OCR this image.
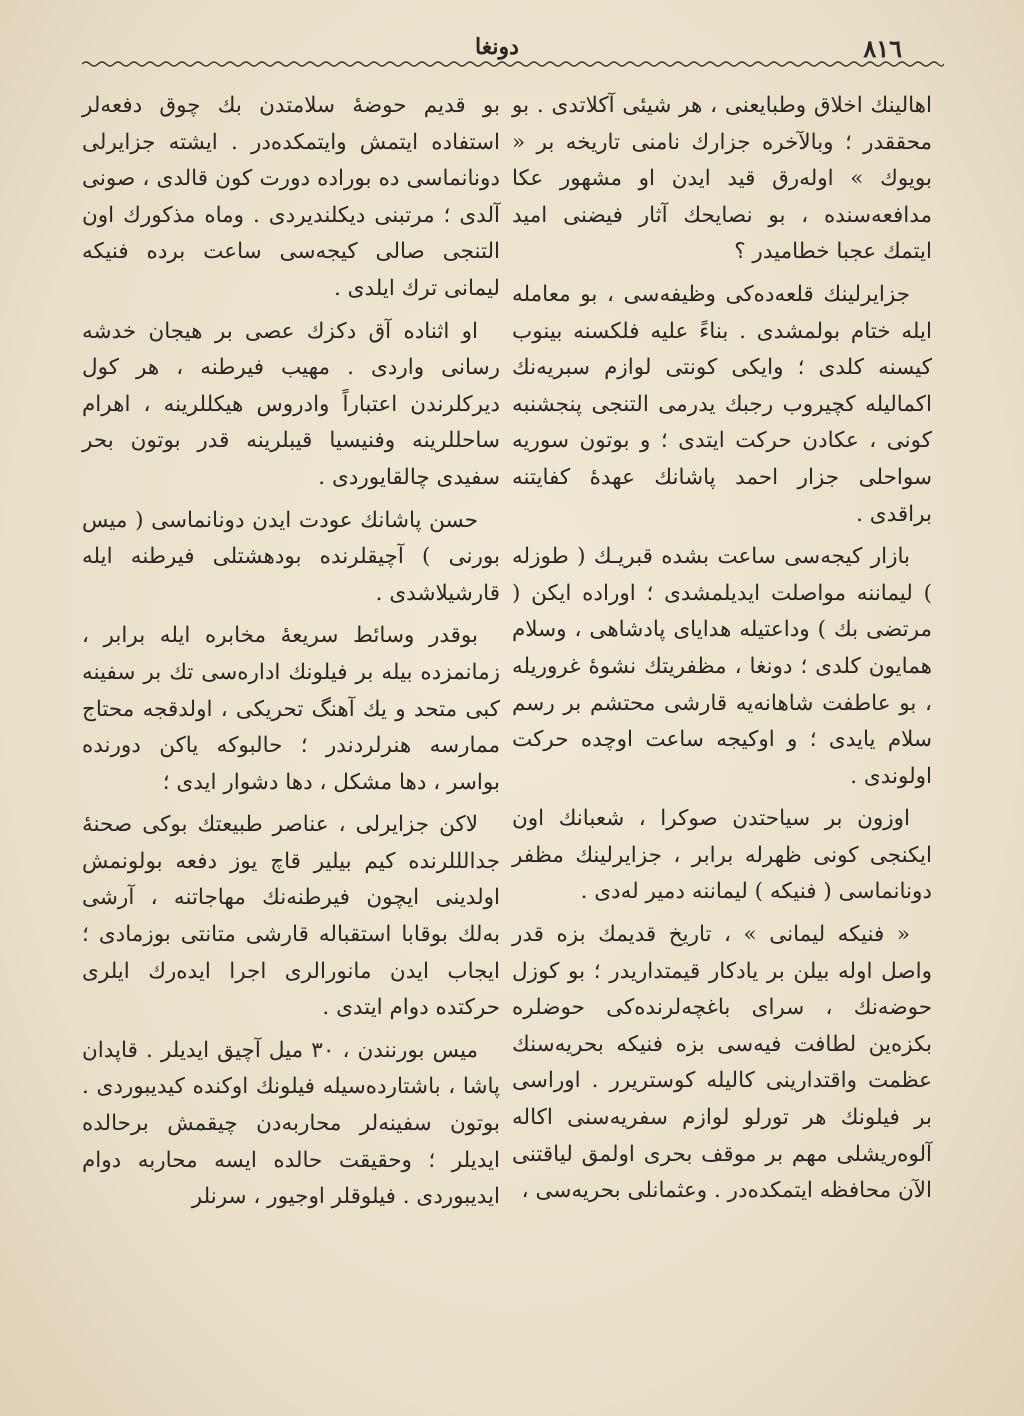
٨١٦
دونغا

اهالينك اخلاق وطبايعنى ، هر شيئى آكلاتدى . بو محققدر ؛ وبالآخره جزارك نامنى تاريخه بر « بويوك » اولەرق قيد ايدن او مشهور عكا مدافعەسندە ، بو نصايحك آثار فيضنى اميد ايتمك عجبا خطاميدر ؟

جزايرلينك قلعەدەكى وظيفەسى ، بو معامله ايله ختام بولمشدى . بناءً عليه فلكسنه بينوب كيسنه كلدى ؛ وايكى كونتى لوازم سبريەنك اكماليله كچيروب رجبك يدرمى التنجى پنجشنبه كونى ، عكادن حركت ايتدى ؛ و بوتون سوريه سواحلى جزار احمد پاشانك عهدۀ كفايتنه براقدى .

بازار كيجەسى ساعت بشده قبريـك ( طوزله ) ليماننه مواصلت ايديلمشدى ؛ اوراده ايكن ( مرتضى بك ) وداعتيله هداياى پادشاهى ، وسلام همايون كلدى ؛ دونغا ، مظفريتك نشوۀ غروريله ، بو عاطفت شاهانەيه قارشى محتشم بر رسم سلام يايدى ؛ و اوكيجه ساعت اوچده حركت اولوندى .

اوزون بر سياحتدن صوكرا ، شعبانك اون ايكنجى كونى ظهرله برابر ، جزايرلينك مظفر دونانماسى ( فنيكه ) ليماننه دمير لەدى .

« فنيكه ليمانى » ، تاريخ قديمك بزه قدر واصل اوله بيلن بر يادكار قيمتداريدر ؛ بو كوزل حوضەنك ، سراى باغچەلرندەكى حوضلره بكزەين لطافت فيەسى بزه فنيكه بحريەسنك عظمت واقتدارينى كاليله كوستريرر . اوراسى بر فيلونك هر تورلو لوازم سفريەسنى اكاله آلوەريشلى مهم بر موقف بحرى اولمق لياقتنى الآن محافظه ايتمكدەدر . وعثمانلى بحريەسى ،

بو قديم حوضۀ سلامتدن بك چوق دفعەلر استفاده ايتمش وايتمكدەدر . ايشته جزايرلى دونانماسى ده بوراده دورت كون قالدى ، صونى آلدى ؛ مرتبنى ديكلنديردى . وماه مذكورك اون التنجى صالى كيجەسى ساعت برده فنيكه ليمانى ترك ايلدى .

او اثناده آق دكزك عصى بر هيجان خدشه رسانى واردى . مهيب فيرطنه ، هر كول ديركلرندن اعتباراً وادروس هيكللرينه ، اهرام ساحللرينه وفنيسيا قيبلرينه قدر بوتون بحر سفيدى چالقايوردى .

حسن پاشانك عودت ايدن دونانماسى ( ميس بورنى ) آچيقلرنده بودهشتلى فيرطنه ايله قارشيلاشدى .

بوقدر وسائط سريعۀ مخابره ايله برابر ، زمانمزده بيله بر فيلونك ادارەسى تك بر سفينه كبى متحد و يك آهنگ تحريكى ، اولدقجه محتاج ممارسه هنرلردندر ؛ حالبوكه ياكن دورنده بواسر ، دها مشكل ، دها دشوار ايدى ؛

لاكن جزايرلى ، عناصر طبيعتك بوكى صحنۀ جدالللرنده كيم بيلير قاچ يوز دفعه بولونمش اولدينى ايچون فيرطنەنك مهاجاتنه ، آرشى بەلك بوقابا استقباله قارشى متانتى بوزمادى ؛ ايجاب ايدن مانورالرى اجرا ايدەرك ايلرى حركتده دوام ايتدى .

ميس بورنندن ، ٣٠ ميل آچيق ايديلر . قاپدان پاشا ، باشتاردەسيله فيلونك اوكنده كيديبوردى . بوتون سفينەلر محاربەدن چيقمش برحالده ايديلر ؛ وحقيقت حالده ايسه محاربه دوام ايديبوردى . فيلوقلر اوجيور ، سرنلر
